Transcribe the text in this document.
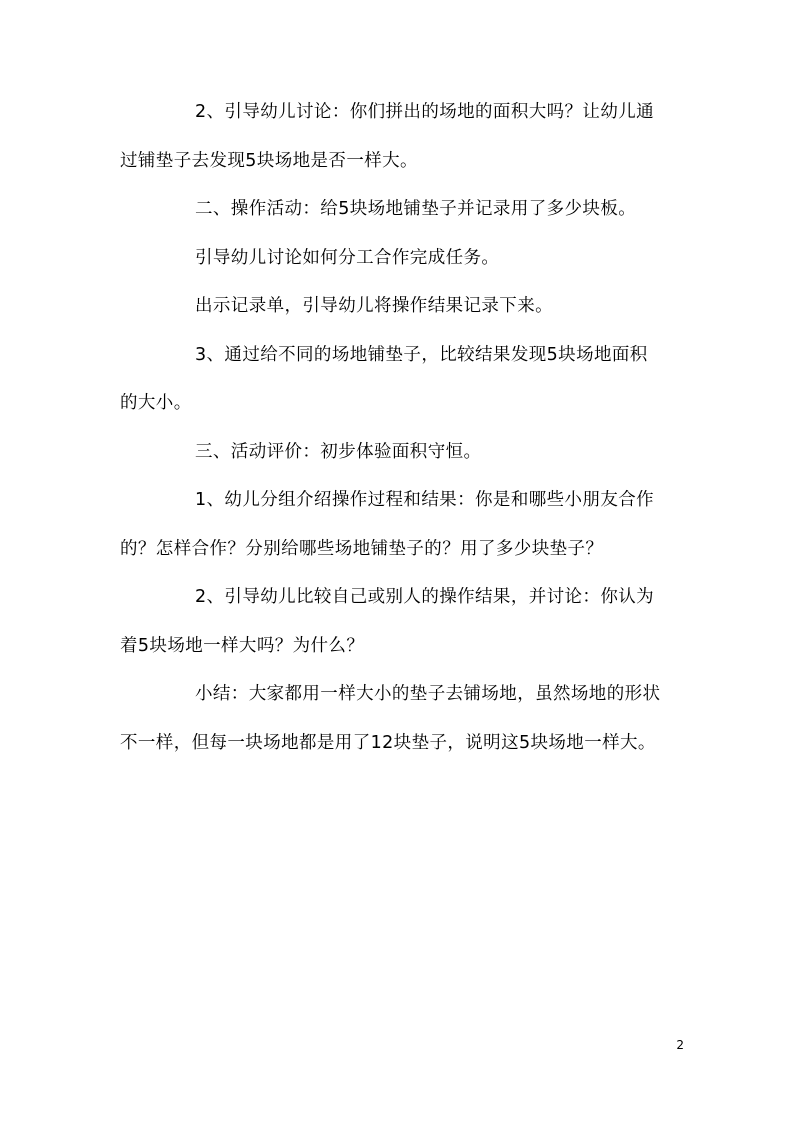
2、引导幼儿讨论：你们拼出的场地的面积大吗？让幼儿通

过铺垫子去发现5块场地是否一样大。

二、操作活动：给5块场地铺垫子并记录用了多少块板。

引导幼儿讨论如何分工合作完成任务。

出示记录单，引导幼儿将操作结果记录下来。

3、通过给不同的场地铺垫子，比较结果发现5块场地面积

的大小。

三、活动评价：初步体验面积守恒。

1、幼儿分组介绍操作过程和结果：你是和哪些小朋友合作

的？怎样合作？分别给哪些场地铺垫子的？用了多少块垫子？

2、引导幼儿比较自己或别人的操作结果，并讨论：你认为

着5块场地一样大吗？为什么？

小结：大家都用一样大小的垫子去铺场地，虽然场地的形状

不一样，但每一块场地都是用了12块垫子，说明这5块场地一样大。

2
